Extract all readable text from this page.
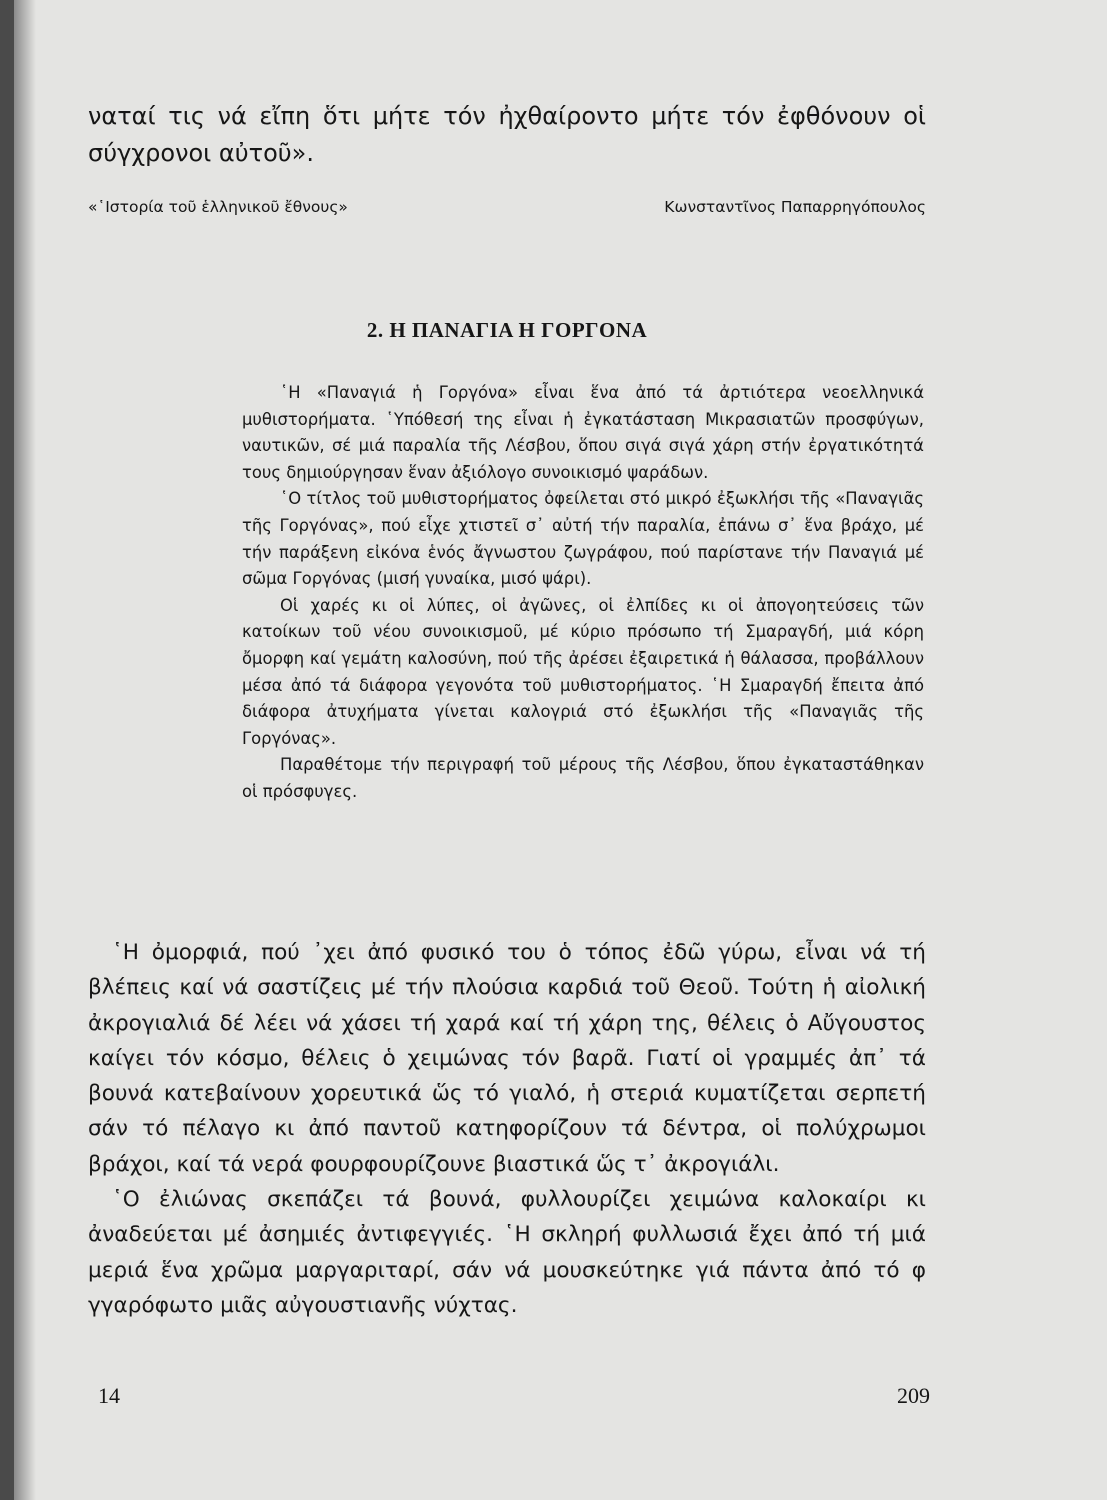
ναταί τις νά εἴπη ὅτι μήτε τόν ἠχθαίροντο μήτε τόν ἐφθόνουν οἱ σύγχρονοι αὐτοῦ».

«῾Ιστορία τοῦ ἑλληνικοῦ ἔθνους»	Κωνσταντῖνος Παπαρρηγόπουλος
2. Η ΠΑΝΑΓΙΑ Η ΓΟΡΓΟΝΑ

῾Η «Παναγιά ἡ Γοργόνα» εἶναι ἕνα ἀπό τά ἀρτιότερα νεοελληνικά μυθιστορήματα. ῾Υπόθεσή της εἶναι ἡ ἐγκατάσταση Μικρασιατῶν προσφύγων, ναυτικῶν, σέ μιά παραλία τῆς Λέσβου, ὅπου σιγά σιγά χάρη στήν ἐργατικότητά τους δημιούργησαν ἕναν ἀξιόλογο συνοικισμό ψαράδων.

῾Ο τίτλος τοῦ μυθιστορήματος ὀφείλεται στό μικρό ἐξωκλήσι τῆς «Παναγιᾶς τῆς Γοργόνας», πού εἶχε χτιστεῖ σ᾽ αὐτή τήν παραλία, ἐπάνω σ᾽ ἕνα βράχο, μέ τήν παράξενη εἰκόνα ἑνός ἄγνωστου ζωγράφου, πού παρίστανε τήν Παναγιά μέ σῶμα Γοργόνας (μισή γυναίκα, μισό ψάρι).

Οἱ χαρές κι οἱ λύπες, οἱ ἀγῶνες, οἱ ἐλπίδες κι οἱ ἀπογοητεύσεις τῶν κατοίκων τοῦ νέου συνοικισμοῦ, μέ κύριο πρόσωπο τή Σμαραγδή, μιά κόρη ὄμορφη καί γεμάτη καλοσύνη, πού τῆς ἀρέσει ἐξαιρετικά ἡ θάλασσα, προβάλλουν μέσα ἀπό τά διάφορα γεγονότα τοῦ μυθιστορήματος. ῾Η Σμαραγδή ἔπειτα ἀπό διάφορα ἀτυχήματα γίνεται καλογριά στό ἐξωκλήσι τῆς «Παναγιᾶς τῆς Γοργόνας».

Παραθέτομε τήν περιγραφή τοῦ μέρους τῆς Λέσβου, ὅπου ἐγκαταστάθηκαν οἱ πρόσφυγες.

῾Η ὀμορφιά, πού ᾽χει ἀπό φυσικό του ὁ τόπος ἐδῶ γύρω, εἶναι νά τή βλέπεις καί νά σαστίζεις μέ τήν πλούσια καρδιά τοῦ Θεοῦ. Τούτη ἡ αἰολική ἀκρογιαλιά δέ λέει νά χάσει τή χαρά καί τή χάρη της, θέλεις ὁ Αὔγουστος καίγει τόν κόσμο, θέλεις ὁ χειμώνας τόν βαρᾶ. Γιατί οἱ γραμμές ἀπ᾽ τά βουνά κατεβαίνουν χορευτικά ὥς τό γιαλό, ἡ στεριά κυματίζεται σερπετή σάν τό πέλαγο κι ἀπό παντοῦ κατηφορίζουν τά δέντρα, οἱ πολύχρωμοι βράχοι, καί τά νερά φουρφουρίζουνε βιαστικά ὥς τ᾽ ἀκρογιάλι.

῾Ο ἐλιώνας σκεπάζει τά βουνά, φυλλουρίζει χειμώνα καλοκαίρι κι ἀναδεύεται μέ ἀσημιές ἀντιφεγγιές. ῾Η σκληρή φυλλωσιά ἔχει ἀπό τή μιά μεριά ἕνα χρῶμα μαργαριταρί, σάν νά μουσκεύτηκε γιά πάντα ἀπό τό φ γγαρόφωτο μιᾶς αὐγουστιανῆς νύχτας.

14	209
